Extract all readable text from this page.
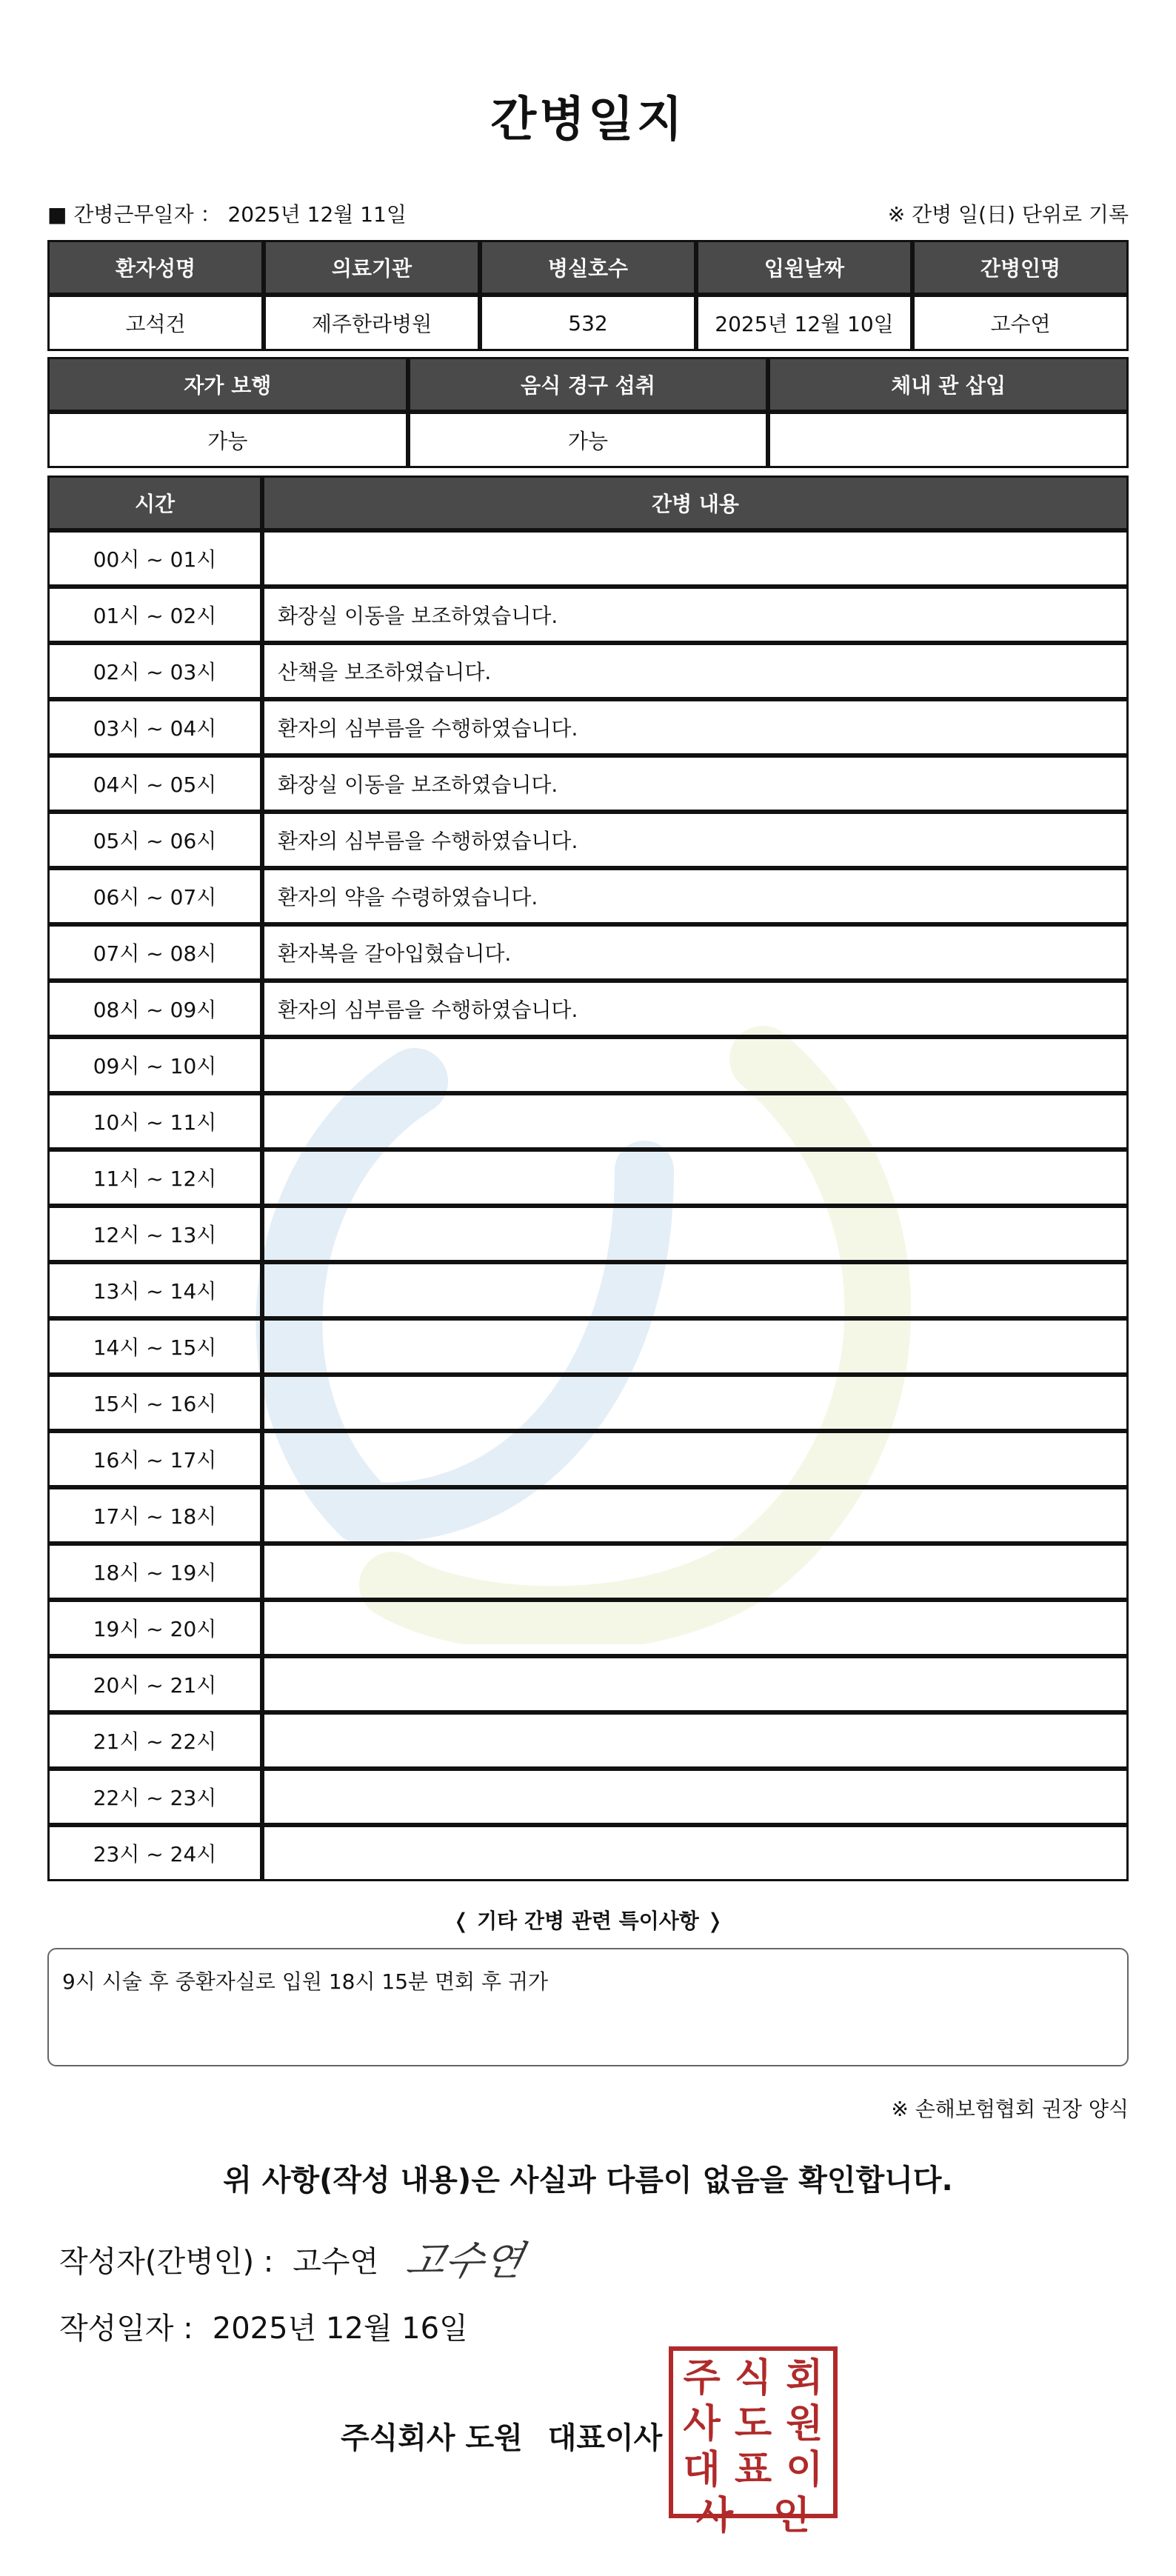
간병일지
■ 간병근무일자 ： 2025년 12월 11일	※ 간병 일(日) 단위로 기록
환자성명	의료기관	병실호수	입원날짜	간병인명
고석건	제주한라병원	532	2025년 12월 10일	고수연
자가 보행	음식 경구 섭취	체내 관 삽입
가능	가능	
시간	간병 내용
00시 ~ 01시	
01시 ~ 02시	화장실 이동을 보조하였습니다.
02시 ~ 03시	산책을 보조하였습니다.
03시 ~ 04시	환자의 심부름을 수행하였습니다.
04시 ~ 05시	화장실 이동을 보조하였습니다.
05시 ~ 06시	환자의 심부름을 수행하였습니다.
06시 ~ 07시	환자의 약을 수령하였습니다.
07시 ~ 08시	환자복을 갈아입혔습니다.
08시 ~ 09시	환자의 심부름을 수행하였습니다.
09시 ~ 10시	
10시 ~ 11시	
11시 ~ 12시	
12시 ~ 13시	
13시 ~ 14시	
14시 ~ 15시	
15시 ~ 16시	
16시 ~ 17시	
17시 ~ 18시	
18시 ~ 19시	
19시 ~ 20시	
20시 ~ 21시	
21시 ~ 22시	
22시 ~ 23시	
23시 ~ 24시	
❬ 기타 간병 관련 특이사항 ❭
9시 시술 후 중환자실로 입원 18시 15분 면회 후 귀가
※ 손해보험협회 권장 양식
위 사항(작성 내용)은 사실과 다름이 없음을 확인합니다.
작성자(간병인) : 고수연 고수연
작성일자 : 2025년 12월 16일
주식회사 도원 대표이사
주 식 회
사 도 원
대 표 이
사 인
